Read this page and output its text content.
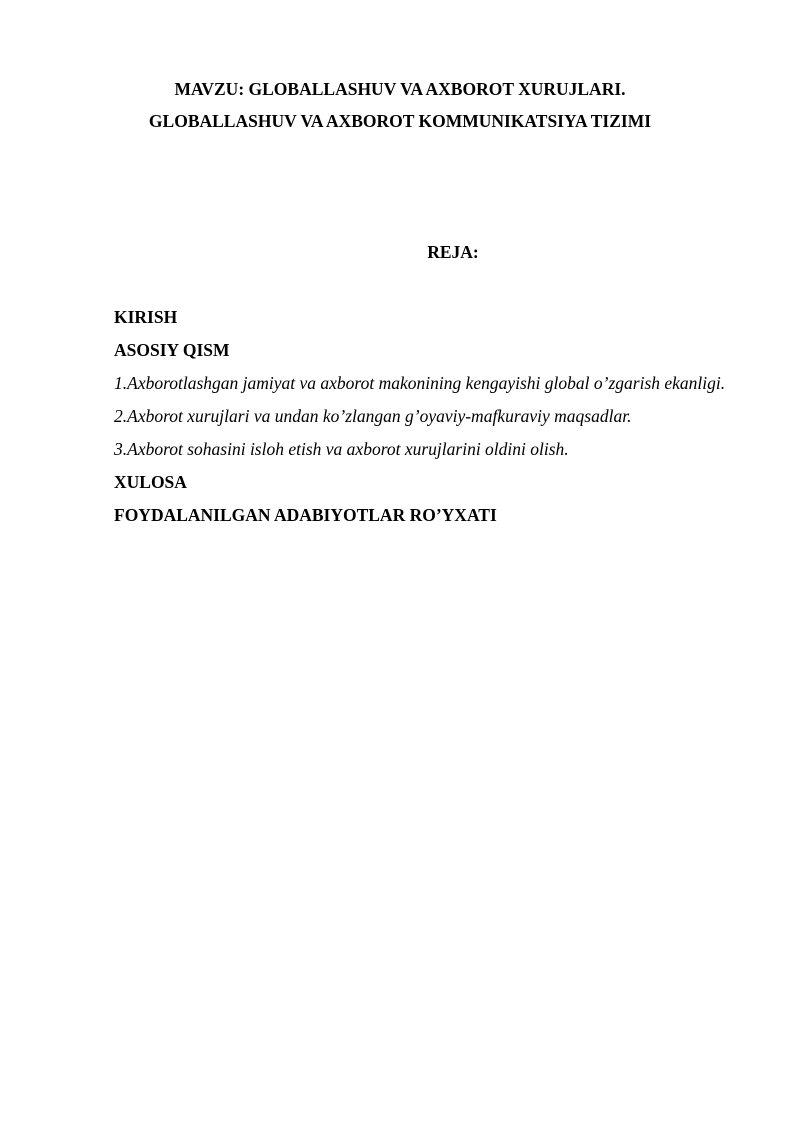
MAVZU: GLOBALLASHUV VA AXBOROT XURUJLARI.
GLOBALLASHUV VA AXBOROT KOMMUNIKATSIYA TIZIMI
REJA:

KIRISH

ASOSIY QISM

1.Axborotlashgan jamiyat va axborot makonining kengayishi global o’zgarish ekanligi.

2.Axborot xurujlari va undan ko’zlangan g’oyaviy-mafkuraviy maqsadlar.

3.Axborot sohasini isloh etish va axborot xurujlarini oldini olish.

XULOSA

FOYDALANILGAN ADABIYOTLAR RO’YXATI
